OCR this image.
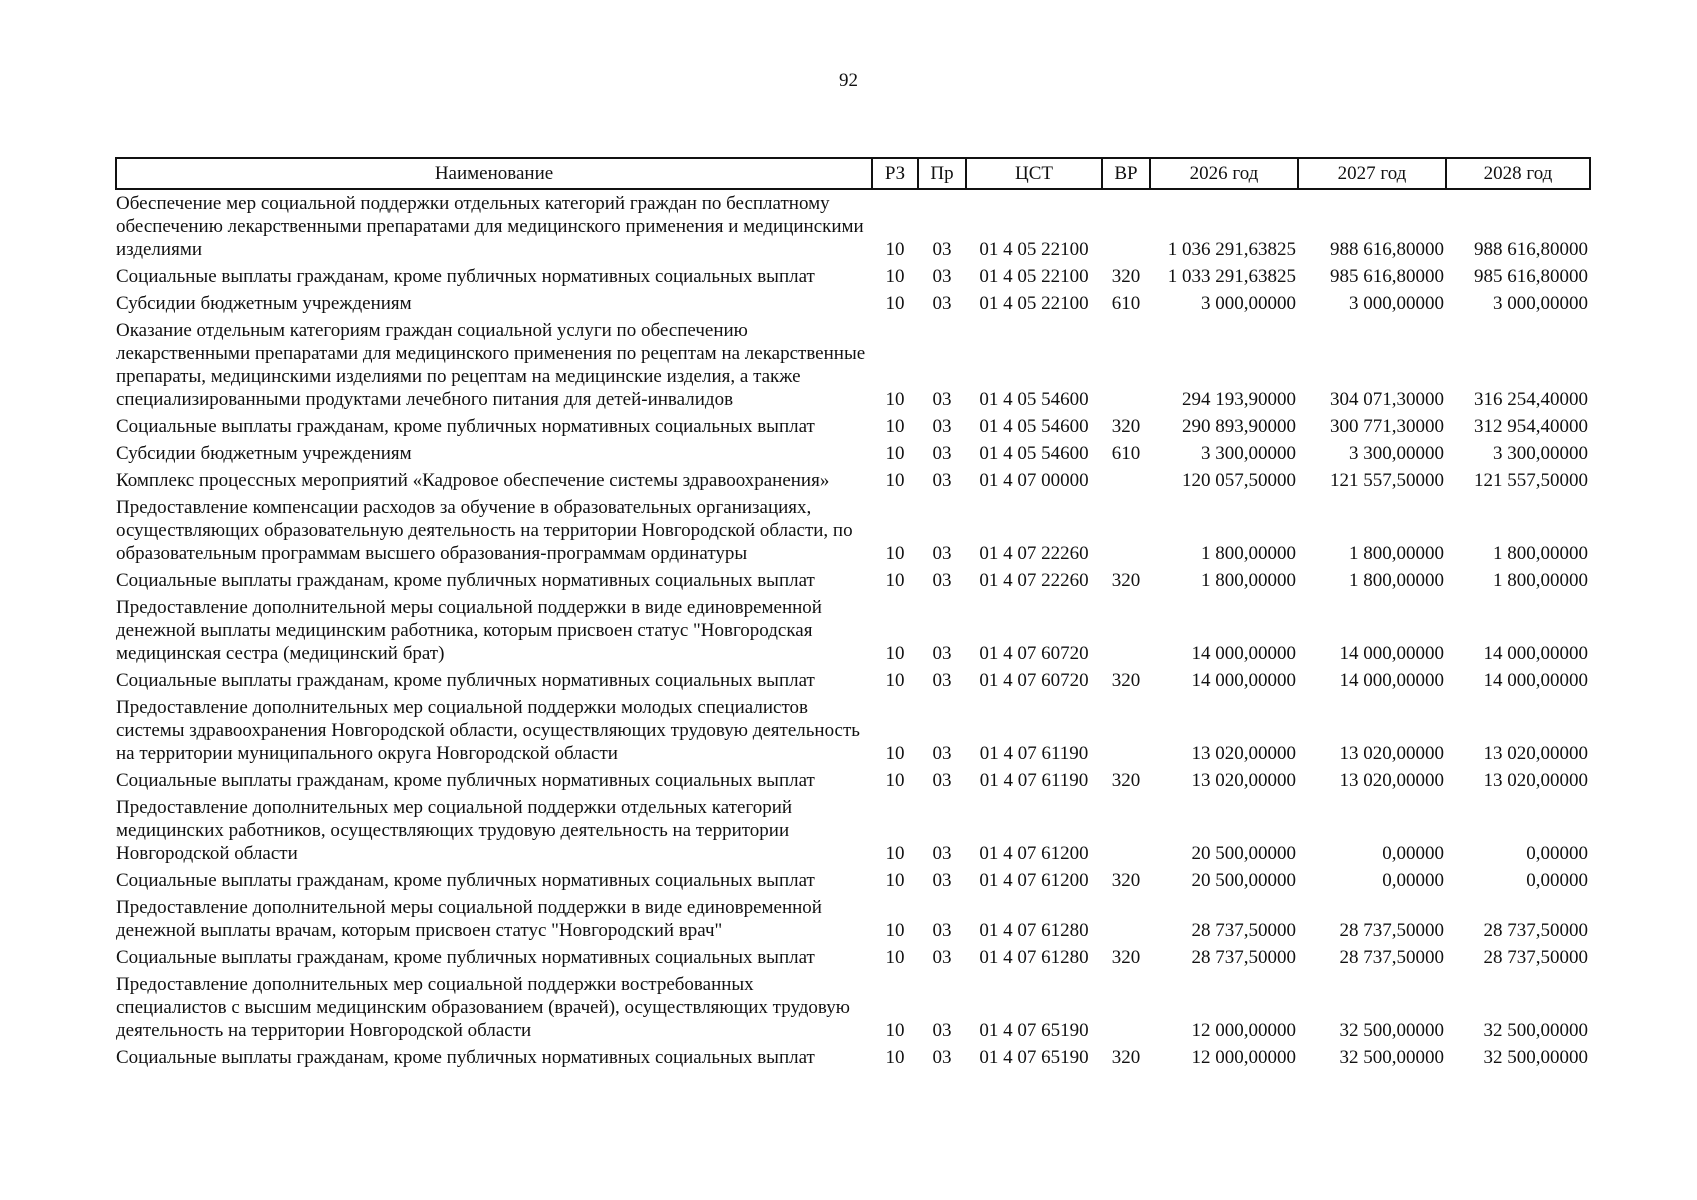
92
Наименование	РЗ	Пр	ЦСТ	ВР	2026 год	2027 год	2028 год
Обеспечение мер социальной поддержки отдельных категорий граждан по бесплатному обеспечению лекарственными препаратами для медицинского применения и медицинскими изделиями	10	03	01 4 05 22100		1 036 291,63825	988 616,80000	988 616,80000
Социальные выплаты гражданам, кроме публичных нормативных социальных выплат	10	03	01 4 05 22100	320	1 033 291,63825	985 616,80000	985 616,80000
Субсидии бюджетным учреждениям	10	03	01 4 05 22100	610	3 000,00000	3 000,00000	3 000,00000
Оказание отдельным категориям граждан социальной услуги по обеспечению лекарственными препаратами для медицинского применения по рецептам на лекарственные препараты, медицинскими изделиями по рецептам на медицинские изделия, а также специализированными продуктами лечебного питания для детей-инвалидов	10	03	01 4 05 54600		294 193,90000	304 071,30000	316 254,40000
Социальные выплаты гражданам, кроме публичных нормативных социальных выплат	10	03	01 4 05 54600	320	290 893,90000	300 771,30000	312 954,40000
Субсидии бюджетным учреждениям	10	03	01 4 05 54600	610	3 300,00000	3 300,00000	3 300,00000
Комплекс процессных мероприятий «Кадровое обеспечение системы здравоохранения»	10	03	01 4 07 00000		120 057,50000	121 557,50000	121 557,50000
Предоставление компенсации расходов за обучение в образовательных организациях, осуществляющих образовательную деятельность на территории Новгородской области, по образовательным программам высшего образования-программам ординатуры	10	03	01 4 07 22260		1 800,00000	1 800,00000	1 800,00000
Социальные выплаты гражданам, кроме публичных нормативных социальных выплат	10	03	01 4 07 22260	320	1 800,00000	1 800,00000	1 800,00000
Предоставление дополнительной меры социальной поддержки в виде единовременной денежной выплаты медицинским работника, которым присвоен статус "Новгородская медицинская сестра (медицинский брат)	10	03	01 4 07 60720		14 000,00000	14 000,00000	14 000,00000
Социальные выплаты гражданам, кроме публичных нормативных социальных выплат	10	03	01 4 07 60720	320	14 000,00000	14 000,00000	14 000,00000
Предоставление дополнительных мер социальной поддержки молодых специалистов системы здравоохранения Новгородской области, осуществляющих трудовую деятельность на территории муниципального округа Новгородской области	10	03	01 4 07 61190		13 020,00000	13 020,00000	13 020,00000
Социальные выплаты гражданам, кроме публичных нормативных социальных выплат	10	03	01 4 07 61190	320	13 020,00000	13 020,00000	13 020,00000
Предоставление дополнительных мер социальной поддержки отдельных категорий медицинских работников, осуществляющих трудовую деятельность на территории Новгородской области	10	03	01 4 07 61200		20 500,00000	0,00000	0,00000
Социальные выплаты гражданам, кроме публичных нормативных социальных выплат	10	03	01 4 07 61200	320	20 500,00000	0,00000	0,00000
Предоставление дополнительной меры социальной поддержки в виде единовременной денежной выплаты врачам, которым присвоен статус "Новгородский врач"	10	03	01 4 07 61280		28 737,50000	28 737,50000	28 737,50000
Социальные выплаты гражданам, кроме публичных нормативных социальных выплат	10	03	01 4 07 61280	320	28 737,50000	28 737,50000	28 737,50000
Предоставление дополнительных мер социальной поддержки востребованных специалистов с высшим медицинским образованием (врачей), осуществляющих трудовую деятельность на территории Новгородской области	10	03	01 4 07 65190		12 000,00000	32 500,00000	32 500,00000
Социальные выплаты гражданам, кроме публичных нормативных социальных выплат	10	03	01 4 07 65190	320	12 000,00000	32 500,00000	32 500,00000
